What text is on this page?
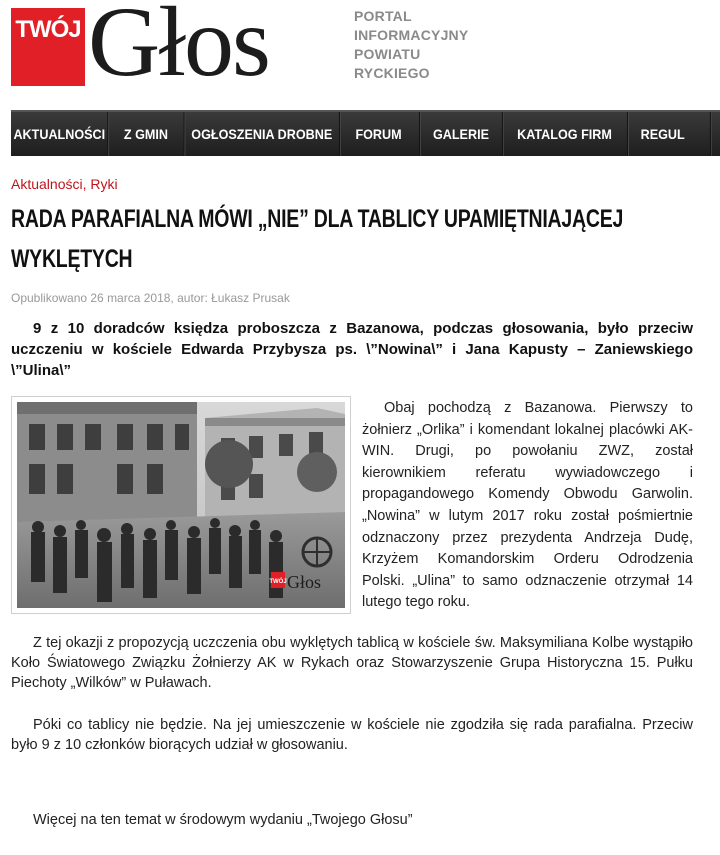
TWÓJ Głos	PORTAL
INFORMACYJNY
POWIATU
RYCKIEGO
AKTUALNOŚCI	Z GMIN	OGŁOSZENIA DROBNE	FORUM	GALERIE	KATALOG FIRM	REGUL
Aktualności, Ryki
RADA PARAFIALNA MÓWI „NIE” DLA TABLICY UPAMIĘTNIAJĄCEJ WYKLĘTYCH
Opublikowano 26 marca 2018, autor: Łukasz Prusak

9 z 10 doradców księdza proboszcza z Bazanowa, podczas głosowania, było przeciw uczczeniu w kościele Edwarda Przybysza ps. \”Nowina\” i Jana Kapusty – Zaniewskiego \”Ulina\”

TWÓJ Głos

Obaj pochodzą z Bazanowa. Pierwszy to żołnierz „Orlika” i komendant lokalnej placówki AK-WIN. Drugi, po powołaniu ZWZ, został kierownikiem referatu wywiadowczego i propagandowego Komendy Obwodu Garwolin. „Nowina” w lutym 2017 roku został pośmiertnie odznaczony przez prezydenta Andrzeja Dudę, Krzyżem Komandorskim Orderu Odrodzenia Polski. „Ulina” to samo odznaczenie otrzymał 14 lutego tego roku.

Z tej okazji z propozycją uczczenia obu wyklętych tablicą w kościele św. Maksymiliana Kolbe wystąpiło Koło Światowego Związku Żołnierzy AK w Rykach oraz Stowarzyszenie Grupa Historyczna 15. Pułku Piechoty „Wilków” w Puławach.

Póki co tablicy nie będzie. Na jej umieszczenie w kościele nie zgodziła się rada parafialna. Przeciw było 9 z 10 członków biorących udział w głosowaniu.

Więcej na ten temat w środowym wydaniu „Twojego Głosu”
